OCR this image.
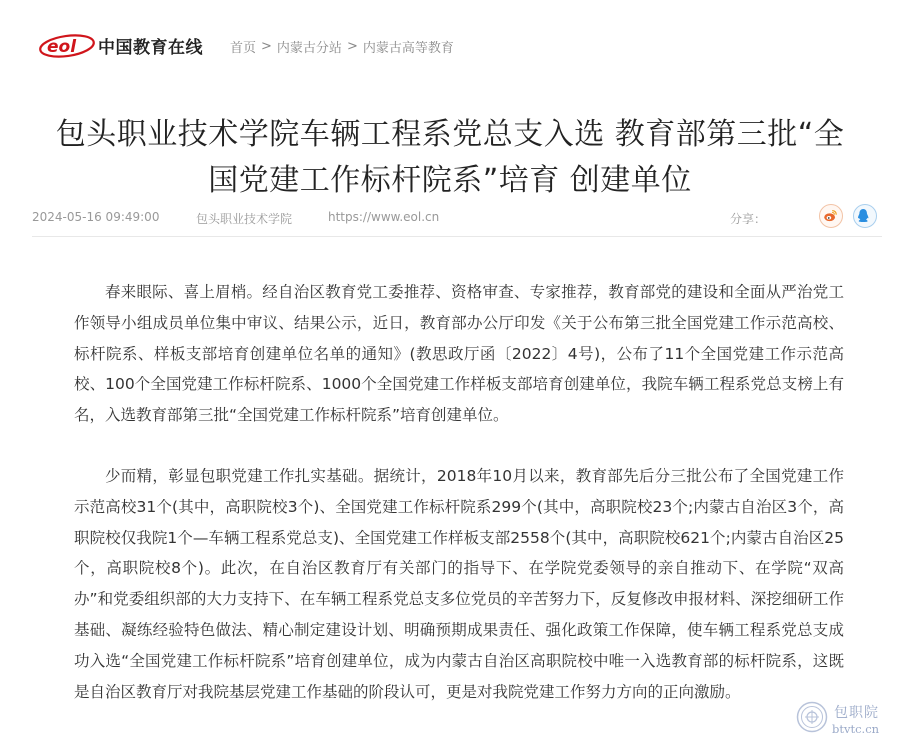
eol 中国教育在线 首页 > 内蒙古分站 > 内蒙古高等教育
包头职业技术学院车辆工程系党总支入选 教育部第三批“全
国党建工作标杆院系”培育 创建单位
2024-05-16 09:49:00	包头职业技术学院	https://www.eol.cn	分享：

春来眼际、喜上眉梢。经自治区教育党工委推荐、资格审查、专家推荐，教育部党的建设和全面从严治党工作领导小组成员单位集中审议、结果公示，近日，教育部办公厅印发《关于公布第三批全国党建工作示范高校、标杆院系、样板支部培育创建单位名单的通知》(教思政厅函〔2022〕4号)，公布了11个全国党建工作示范高校、100个全国党建工作标杆院系、1000个全国党建工作样板支部培育创建单位，我院车辆工程系党总支榜上有名，入选教育部第三批“全国党建工作标杆院系”培育创建单位。

少而精，彰显包职党建工作扎实基础。据统计，2018年10月以来，教育部先后分三批公布了全国党建工作示范高校31个(其中，高职院校3个)、全国党建工作标杆院系299个(其中，高职院校23个;内蒙古自治区3个，高职院校仅我院1个—车辆工程系党总支)、全国党建工作样板支部2558个(其中，高职院校621个;内蒙古自治区25个，高职院校8个)。此次，在自治区教育厅有关部门的指导下、在学院党委领导的亲自推动下、在学院“双高办”和党委组织部的大力支持下、在车辆工程系党总支多位党员的辛苦努力下，反复修改申报材料、深挖细研工作基础、凝练经验特色做法、精心制定建设计划、明确预期成果责任、强化政策工作保障，使车辆工程系党总支成功入选“全国党建工作标杆院系”培育创建单位，成为内蒙古自治区高职院校中唯一入选教育部的标杆院系，这既是自治区教育厅对我院基层党建工作基础的阶段认可，更是对我院党建工作努力方向的正向激励。

包职院
btvtc.cn
